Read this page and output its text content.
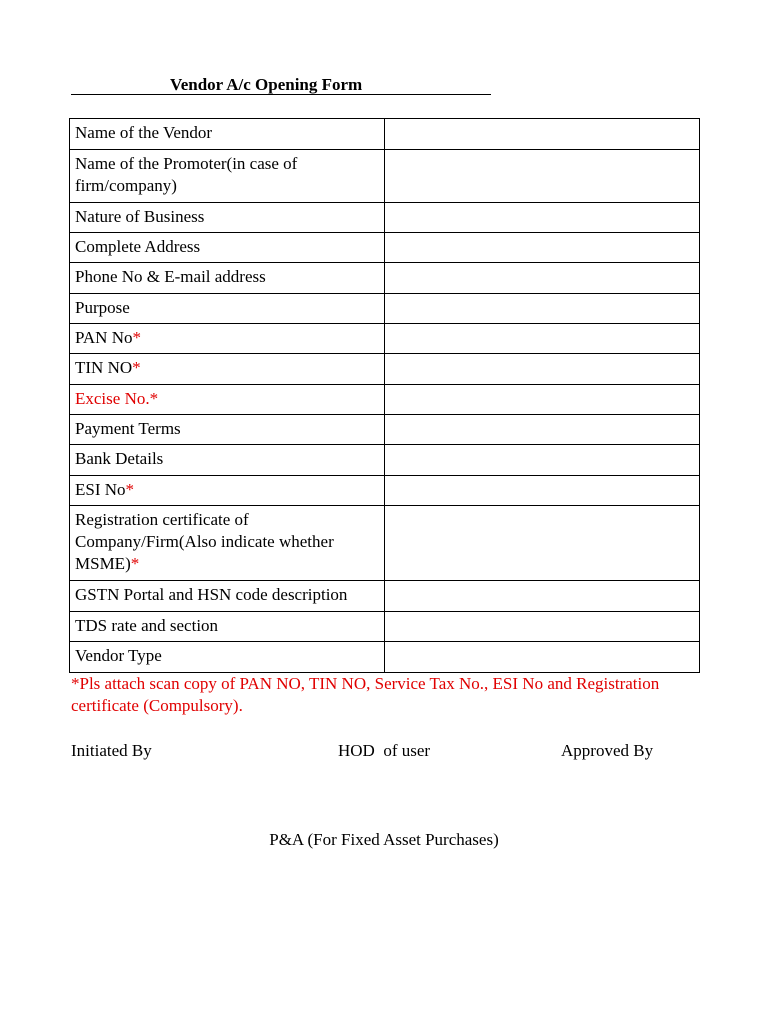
Vendor A/c Opening Form
Name of the Vendor	
Name of the Promoter(in case of firm/company)	
Nature of Business	
Complete Address	
Phone No & E-mail address	
Purpose	
PAN No*	
TIN NO*	
Excise No.*	
Payment Terms	
Bank Details	
ESI No*	
Registration certificate of Company/Firm(Also indicate whether MSME)*	
GSTN Portal and HSN code description	
TDS rate and section	
Vendor Type	
*Pls attach scan copy of PAN NO, TIN NO, Service Tax No., ESI No and Registration certificate (Compulsory).
Initiated By	HOD  of user	Approved By
P&A (For Fixed Asset Purchases)
